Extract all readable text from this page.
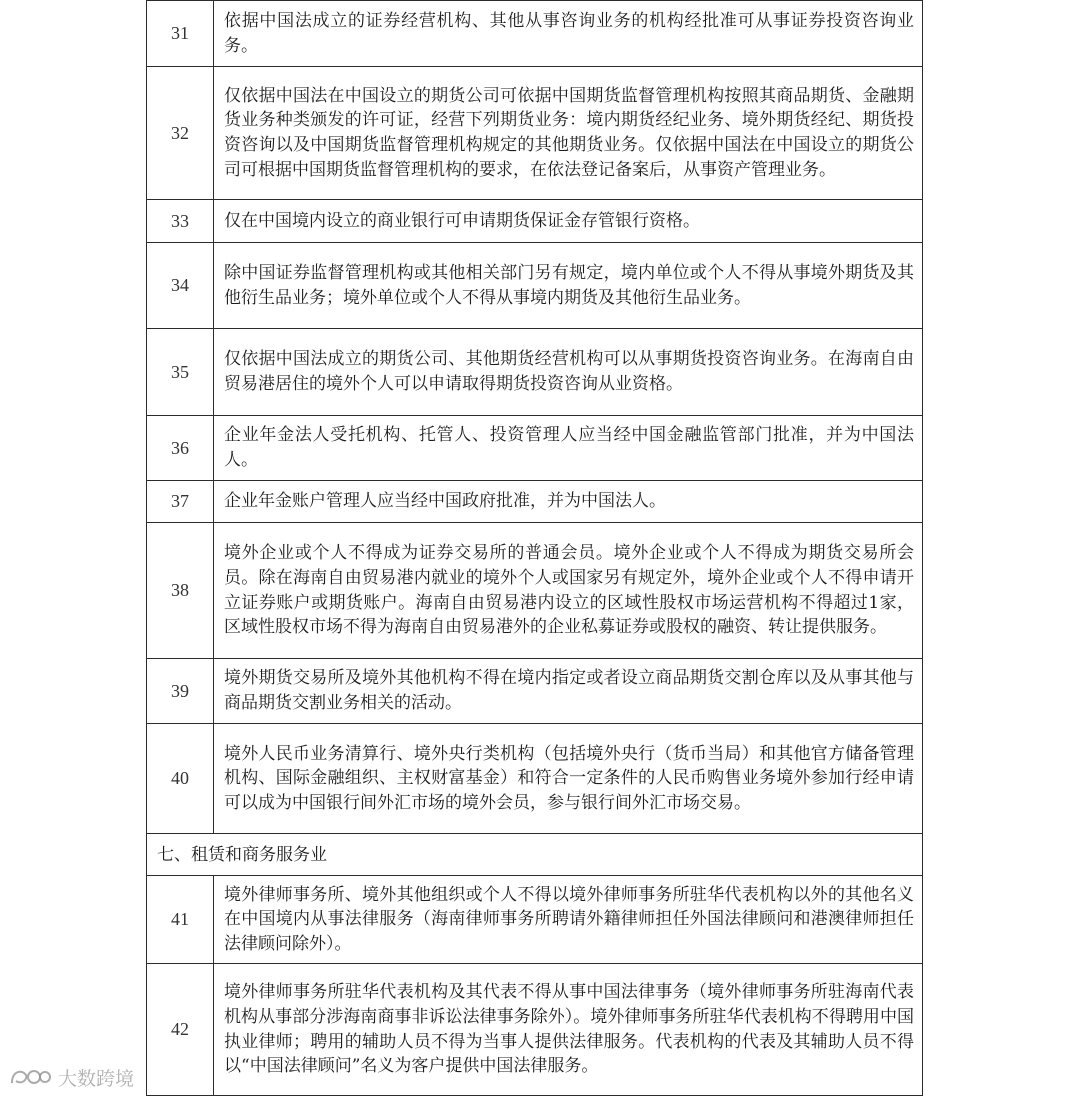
31	依据中国法成立的证券经营机构、其他从事咨询业务的机构经批准可从事证券投资咨询业务。
32	仅依据中国法在中国设立的期货公司可依据中国期货监督管理机构按照其商品期货、金融期货业务种类颁发的许可证，经营下列期货业务：境内期货经纪业务、境外期货经纪、期货投资咨询以及中国期货监督管理机构规定的其他期货业务。仅依据中国法在中国设立的期货公司可根据中国期货监督管理机构的要求，在依法登记备案后，从事资产管理业务。
33	仅在中国境内设立的商业银行可申请期货保证金存管银行资格。
34	除中国证券监督管理机构或其他相关部门另有规定，境内单位或个人不得从事境外期货及其他衍生品业务；境外单位或个人不得从事境内期货及其他衍生品业务。
35	仅依据中国法成立的期货公司、其他期货经营机构可以从事期货投资咨询业务。在海南自由贸易港居住的境外个人可以申请取得期货投资咨询从业资格。
36	企业年金法人受托机构、托管人、投资管理人应当经中国金融监管部门批准，并为中国法人。
37	企业年金账户管理人应当经中国政府批准，并为中国法人。
38	境外企业或个人不得成为证券交易所的普通会员。境外企业或个人不得成为期货交易所会员。除在海南自由贸易港内就业的境外个人或国家另有规定外，境外企业或个人不得申请开立证券账户或期货账户。海南自由贸易港内设立的区域性股权市场运营机构不得超过1家，区域性股权市场不得为海南自由贸易港外的企业私募证券或股权的融资、转让提供服务。
39	境外期货交易所及境外其他机构不得在境内指定或者设立商品期货交割仓库以及从事其他与商品期货交割业务相关的活动。
40	境外人民币业务清算行、境外央行类机构（包括境外央行（货币当局）和其他官方储备管理机构、国际金融组织、主权财富基金）和符合一定条件的人民币购售业务境外参加行经申请可以成为中国银行间外汇市场的境外会员，参与银行间外汇市场交易。
七、租赁和商务服务业	
41	境外律师事务所、境外其他组织或个人不得以境外律师事务所驻华代表机构以外的其他名义在中国境内从事法律服务（海南律师事务所聘请外籍律师担任外国法律顾问和港澳律师担任法律顾问除外）。
42	境外律师事务所驻华代表机构及其代表不得从事中国法律事务（境外律师事务所驻海南代表机构从事部分涉海南商事非诉讼法律事务除外）。境外律师事务所驻华代表机构不得聘用中国执业律师；聘用的辅助人员不得为当事人提供法律服务。代表机构的代表及其辅助人员不得以“中国法律顾问”名义为客户提供中国法律服务。
大数跨境
